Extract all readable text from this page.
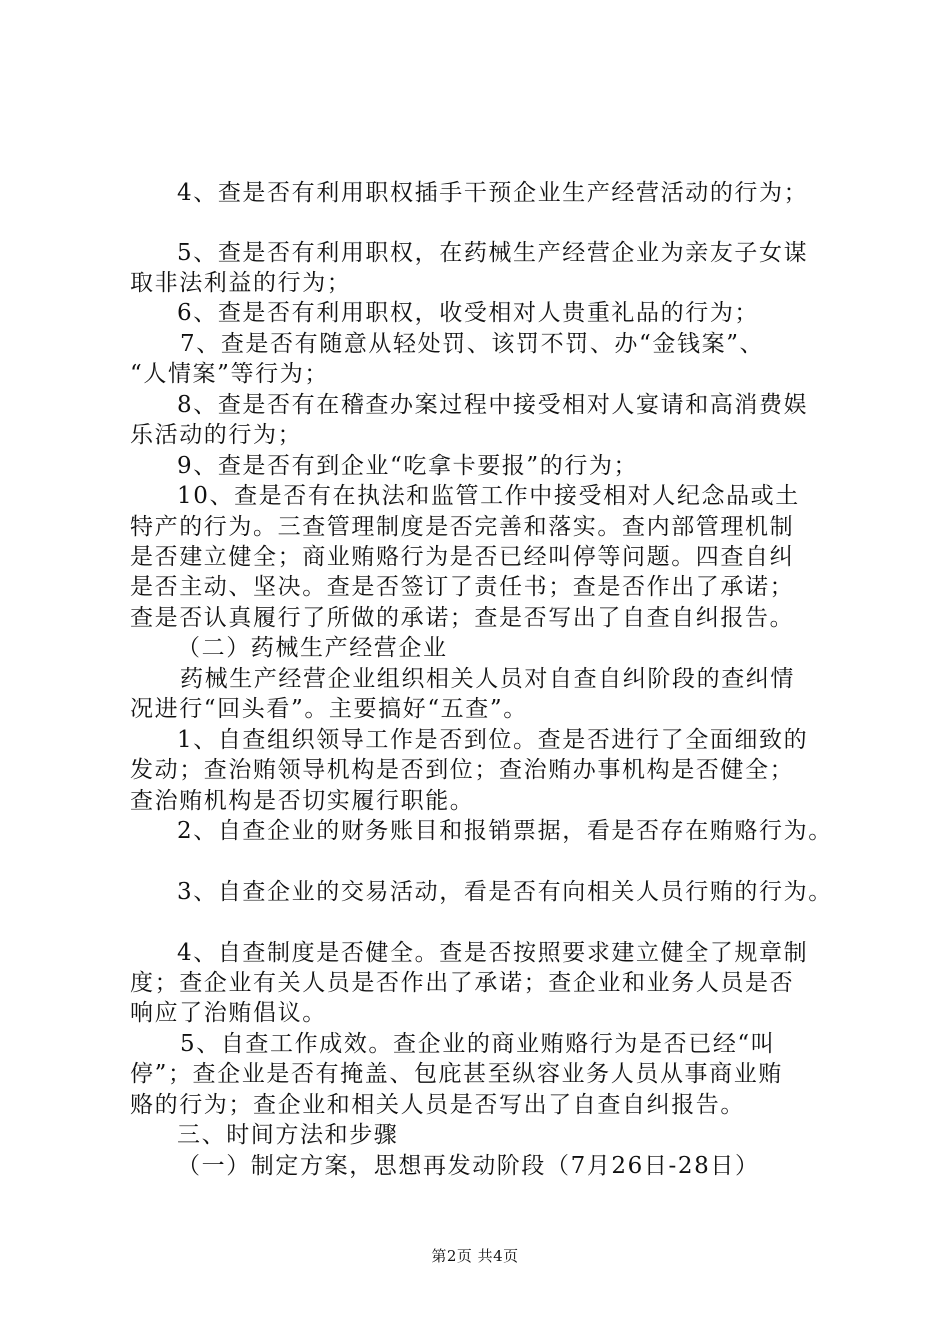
4、查是否有利用职权插手干预企业生产经营活动的行为；
5、查是否有利用职权，在药械生产经营企业为亲友子女谋
取非法利益的行为；
6、查是否有利用职权，收受相对人贵重礼品的行为；
7、查是否有随意从轻处罚、该罚不罚、办“金钱案”、
“人情案”等行为；
8、查是否有在稽查办案过程中接受相对人宴请和高消费娱
乐活动的行为；
9、查是否有到企业“吃拿卡要报”的行为；
10、查是否有在执法和监管工作中接受相对人纪念品或土
特产的行为。三查管理制度是否完善和落实。查内部管理机制
是否建立健全；商业贿赂行为是否已经叫停等问题。四查自纠
是否主动、坚决。查是否签订了责任书；查是否作出了承诺；
查是否认真履行了所做的承诺；查是否写出了自查自纠报告。
（二）药械生产经营企业
药械生产经营企业组织相关人员对自查自纠阶段的查纠情
况进行“回头看”。主要搞好“五查”。
1、自查组织领导工作是否到位。查是否进行了全面细致的
发动；查治贿领导机构是否到位；查治贿办事机构是否健全；
查治贿机构是否切实履行职能。
2、自查企业的财务账目和报销票据，看是否存在贿赂行为。
3、自查企业的交易活动，看是否有向相关人员行贿的行为。
4、自查制度是否健全。查是否按照要求建立健全了规章制
度；查企业有关人员是否作出了承诺；查企业和业务人员是否
响应了治贿倡议。
5、自查工作成效。查企业的商业贿赂行为是否已经“叫
停”；查企业是否有掩盖、包庇甚至纵容业务人员从事商业贿
赂的行为；查企业和相关人员是否写出了自查自纠报告。
三、时间方法和步骤
（一）制定方案，思想再发动阶段（7月26日-28日）
第2页 共4页
